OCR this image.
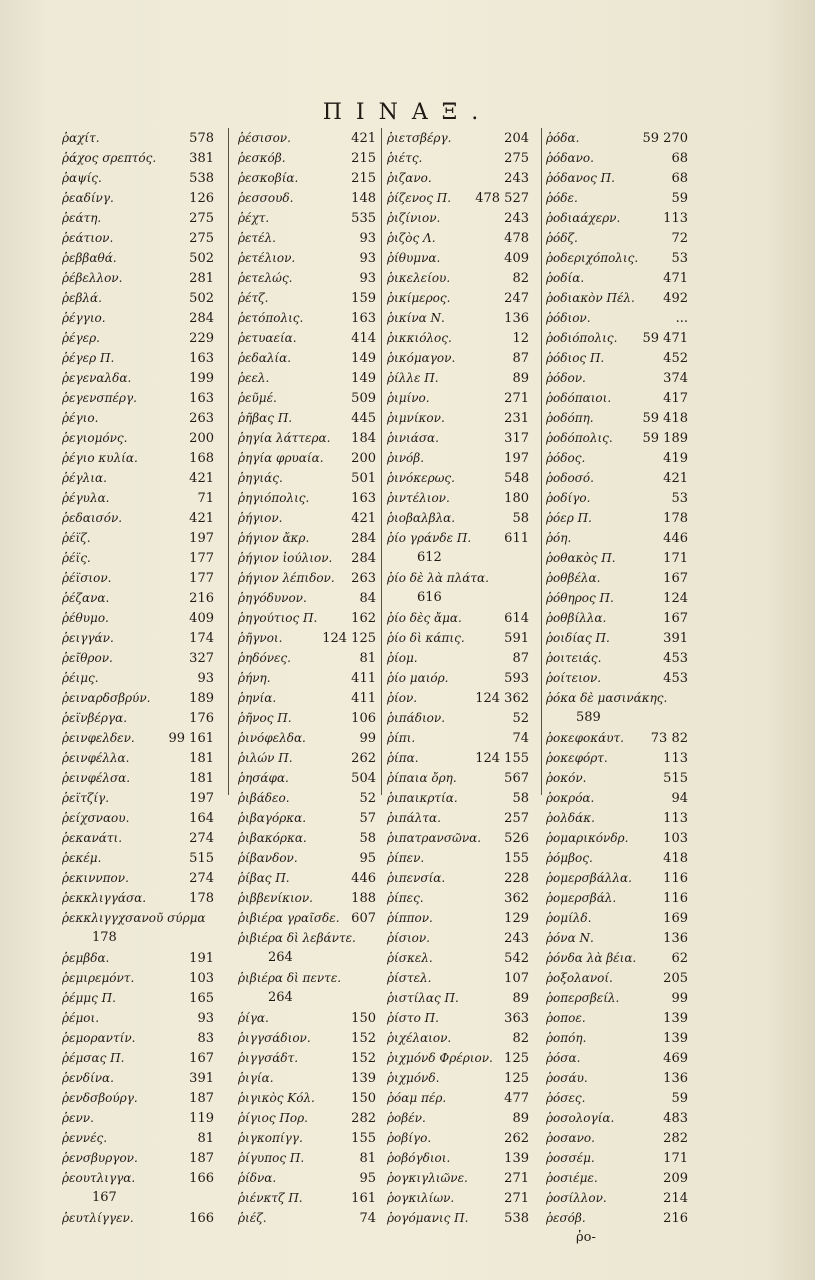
ΠΙΝΑΞ.
ῥαχίτ.	578
ῥάχος σρεπτός.	381
ῥαψίς.	538
ῥεαδίνγ.	126
ῥεάτη.	275
ῥεάτιον.	275
ῥεββαθά.	502
ῥέβελλον.	281
ῥεβλά.	502
ῥέγγιο.	284
ῥέγερ.	229
ῥέγερ Π.	163
ῥεγεναλδα.	199
ῥεγενσπέργ.	163
ῥέγιο.	263
ῥεγιομόνς.	200
ῥέγιο κυλία.	168
ῥέγλια.	421
ῥέγυλα.	71
ῥεδαισόν.	421
ῥέϊζ.	197
ῥέϊς.	177
ῥέϊσιον.	177
ῥέζανα.	216
ῥέθυμο.	409
ῥειγγάν.	174
ῥεῖθρον.	327
ῥέιμς.	93
ῥειναρδσβρύν.	189
ῥεϊνβέργα.	176
ῥεινφελδεν.	99 161
ῥεινφέλλα.	181
ῥεινφέλσα.	181
ῥεϊτζίγ.	197
ῥείχσναου.	164
ῥεκανάτι.	274
ῥεκέμ.	515
ῥεκιννπον.	274
ῥεκκλιγγάσα.	178
ῥεκκλιγγχσανοῦ σύρμα
178
ῥεμβδα.	191
ῥεμιρεμόντ.	103
ῥέμμς Π.	165
ῥέμοι.	93
ῥεμοραντίν.	83
ῥέμσας Π.	167
ῥενδίνα.	391
ῥενδσβούργ.	187
ῥενν.	119
ῥεννές.	81
ῥενσβυργον.	187
ῥεουτλιγγα.	166
167
ῥευτλίγγεν.	166
ῥέσισον.	421
ῥεσκόβ.	215
ῥεσκοβία.	215
ῥεσσουδ.	148
ῥέχτ.	535
ῥετέλ.	93
ῥετέλιον.	93
ῥετελώς.	93
ῥέτζ.	159
ῥετόπολις.	163
ῥετυαεία.	414
ῥεδαλία.	149
ῥεελ.	149
ῥεῦμέ.	509
ῥῆβας Π.	445
ῥηγία λάττερα.	184
ῥηγία φρυαία.	200
ῥηγιάς.	501
ῥηγιόπολις.	163
ῥήγιον.	421
ῥήγιον ἄκρ.	284
ῥήγιον ἰούλιον.	284
ῥήγιον λέπιδον.	263
ῥηγόδυνον.	84
ῥηγούτιος Π.	162
ῥῆγνοι.	124 125
ῥηδόνες.	81
ῥήνη.	411
ῥηνία.	411
ῥῆνος Π.	106
ῥινόφελδα.	99
ῥιλών Π.	262
ῥησάφα.	504
ῥιβάδεο.	52
ῥιβαγόρκα.	57
ῥιβακόρκα.	58
ῥίβανδον.	95
ῥίβας Π.	446
ῥιββενίκιον.	188
ῥιβιέρα γραῖσδε. 607
ῥιβιέρα δὶ λεβάντε.
264
ῥιβιέρα δὶ πεντε.
264
ῥίγα.	150
ῥιγγσάδιον.	152
ῥιγγσάδτ.	152
ῥιγία.	139
ῥιγικὸς Κόλ.	150
ῥίγιος Πορ.	282
ῥιγκοπίγγ.	155
ῥίγυπος Π.	81
ῥίδνα.	95
ῥιένκτζ Π.	161
ῥιέζ.	74
ῥιετσβέργ.	204
ῥιέτς.	275
ῥιζανο.	243
ῥίζενος Π.	478 527
ῥιζίνιον.	243
ῥιζὸς Λ.	478
ῥίθυμνα.	409
ῥικελείου.	82
ῥικίμερος.	247
ῥικίνα Ν.	136
ῥικκιόλος.	12
ῥικόμαγον.	87
ῥίλλε Π.	89
ῥιμίνο.	271
ῥιμνίκον.	231
ῥινιάσα.	317
ῥινόβ.	197
ῥινόκερως.	548
ῥιντέλιον.	180
ῥιοβαλβλα.	58
ῥίο γράνδε Π.	611
612
ῥίο δὲ λὰ πλάτα.
616
ῥίο δὲς ἄμα.	614
ῥίο δὶ κάπις.	591
ῥίομ.	87
ῥίο μαιόρ.	593
ῥίον.	124 362
ῥιπάδιον.	52
ῥίπι.	74
ῥίπα.	124 155
ῥίπαια ὄρη.	567
ῥιπαικρτία.	58
ῥιπάλτα.	257
ῥιπατρανσῶνα.	526
ῥίπεν.	155
ῥιπενσία.	228
ῥίπες.	362
ῥίππον.	129
ῥίσιον.	243
ῥίσκελ.	542
ῥίστελ.	107
ῥιστίλας Π.	89
ῥίστο Π.	363
ῥιχέλαιον.	82
ῥιχμόνδ Φρέριον. 125
ῥιχμόνδ.	125
ῥόαμ πέρ.	477
ῥοβέν.	89
ῥοβίγο.	262
ῥοβόγδιοι.	139
ῥογκιγλιῶνε.	271
ῥογκιλίων.	271
ῥογόμανις Π.	538
ῥόδα.	59 270
ῥόδανο.	68
ῥόδανος Π.	68
ῥόδε.	59
ῥοδιαάχερν.	113
ῥόδζ.	72
ῥοδεριχόπολις.	53
ῥοδία.	471
ῥοδιακὸν Πέλ.	492
ῥόδιον.	...
ῥοδιόπολις.	59 471
ῥόδιος Π.	452
ῥόδον.	374
ῥοδόπαιοι.	417
ῥοδόπη.	59 418
ῥοδόπολις.	59 189
ῥόδος.	419
ῥοδοσό.	421
ῥοδίγο.	53
ῥόερ Π.	178
ῥόη.	446
ῥοθακὸς Π.	171
ῥοθβέλα.	167
ῥόθηρος Π.	124
ῥοθβίλλα.	167
ῥοιδίας Π.	391
ῥοιτειάς.	453
ῥοίτειον.	453
ῥόκα δὲ μασινάκης.
589
ῥοκεφοκάυτ.	73 82
ῥοκεφόρτ.	113
ῥοκόν.	515
ῥοκρόα.	94
ῥολδάκ.	113
ῥομαρικόνδρ.	103
ῥόμβος.	418
ῥομερσβάλλα.	116
ῥομερσβάλ.	116
ῥομίλδ.	169
ῥόνα Ν.	136
ῥόνδα λὰ βέια.	62
ῥοξολανοί.	205
ῥοπερσβείλ.	99
ῥοποε.	139
ῥοπόη.	139
ῥόσα.	469
ῥοσάυ.	136
ῥόσες.	59
ῥοσολογία.	483
ῥοσανο.	282
ῥοσσέμ.	171
ῥοσιέμε.	209
ῥοσίλλον.	214
ῥεσόβ.	216
ῥο-
